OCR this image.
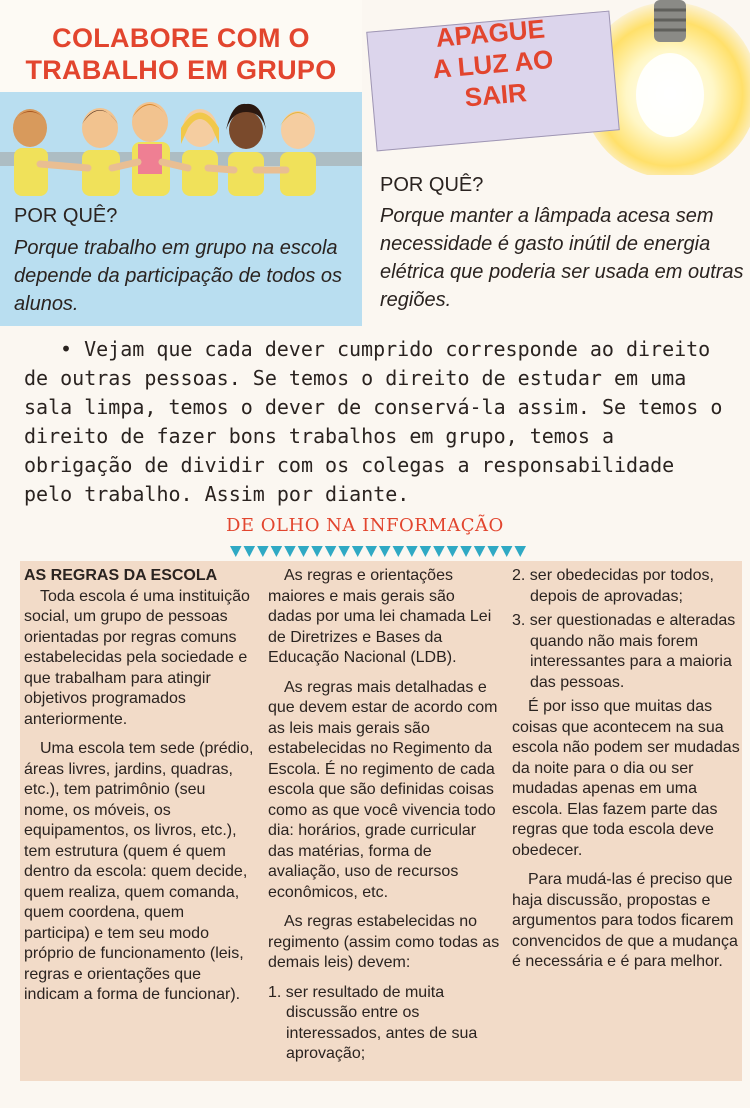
COLABORE COM O
TRABALHO EM GRUPO
POR QUÊ?
Porque trabalho em grupo na escola depende da participação de todos os alunos.
APAGUE
A LUZ AO
SAIR
POR QUÊ?
Porque manter a lâmpada acesa sem necessidade é gasto inútil de energia elétrica que poderia ser usada em outras regiões.
• Vejam que cada dever cumprido corresponde ao direito de outras pessoas. Se temos o direito de estudar em uma sala limpa, temos o dever de conservá-la assim. Se temos o direito de fazer bons trabalhos em grupo, temos a obrigação de dividir com os colegas a responsabilidade pelo trabalho. Assim por diante.
DE OLHO NA INFORMAÇÃO

AS REGRAS DA ESCOLA

Toda escola é uma instituição social, um grupo de pessoas orientadas por regras comuns estabelecidas pela sociedade e que trabalham para atingir objetivos programados anteriormente.

Uma escola tem sede (prédio, áreas livres, jardins, quadras, etc.), tem patrimônio (seu nome, os móveis, os equipamentos, os livros, etc.), tem estrutura (quem é quem dentro da escola: quem decide, quem realiza, quem comanda, quem coordena, quem participa) e tem seu modo próprio de funcionamento (leis, regras e orientações que indicam a forma de funcionar).

As regras e orientações maiores e mais gerais são dadas por uma lei chamada Lei de Diretrizes e Bases da Educação Nacional (LDB).

As regras mais detalhadas e que devem estar de acordo com as leis mais gerais são estabelecidas no Regimento da Escola. É no regimento de cada escola que são definidas coisas como as que você vivencia todo dia: horários, grade curricular das matérias, forma de avaliação, uso de recursos econômicos, etc.

As regras estabelecidas no regimento (assim como todas as demais leis) devem:

1. ser resultado de muita discussão entre os interessados, antes de sua aprovação;

2. ser obedecidas por todos, depois de aprovadas;

3. ser questionadas e alteradas quando não mais forem interessantes para a maioria das pessoas.

É por isso que muitas das coisas que acontecem na sua escola não podem ser mudadas da noite para o dia ou ser mudadas apenas em uma escola. Elas fazem parte das regras que toda escola deve obedecer.

Para mudá-las é preciso que haja discussão, propostas e argumentos para todos ficarem convencidos de que a mudança é necessária e é para melhor.
